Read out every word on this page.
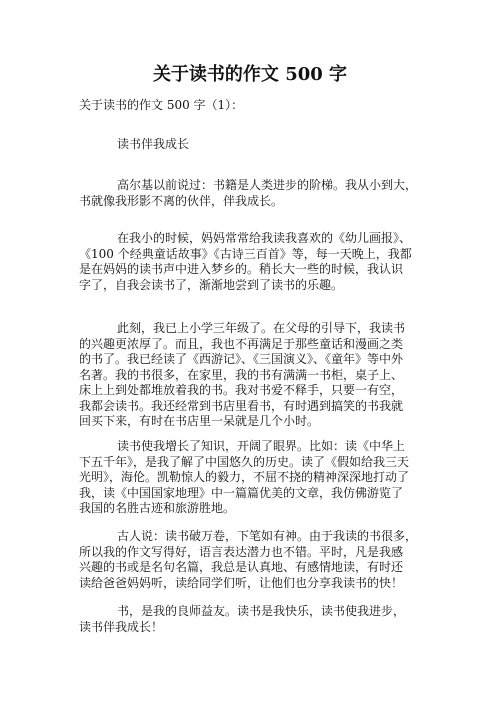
关于读书的作文 500 字
关于读书的作文 500 字（1）：
读书伴我成长
高尔基以前说过：书籍是人类进步的阶梯。我从小到大，
书就像我形影不离的伙伴，伴我成长。
在我小的时候，妈妈常常给我读我喜欢的《幼儿画报》、
《100 个经典童话故事》《古诗三百首》等，每一天晚上，我都
是在妈妈的读书声中进入梦乡的。稍长大一些的时候，我认识
字了，自我会读书了，渐渐地尝到了读书的乐趣。
此刻，我已上小学三年级了。在父母的引导下，我读书
的兴趣更浓厚了。而且，我也不再满足于那些童话和漫画之类
的书了。我已经读了《西游记》、《三国演义》、《童年》等中外
名著。我的书很多，在家里，我的书有满满一书柜，桌子上、
床上上到处都堆放着我的书。我对书爱不释手，只要一有空，
我都会读书。我还经常到书店里看书，有时遇到搞笑的书我就
回买下来，有时在书店里一呆就是几个小时。
读书使我增长了知识，开阔了眼界。比如：读《中华上
下五千年》，是我了解了中国悠久的历史。读了《假如给我三天
光明》，海伦。凯勒惊人的毅力，不屈不挠的精神深深地打动了
我，读《中国国家地理》中一篇篇优美的文章，我仿佛游览了
我国的名胜古迹和旅游胜地。
古人说：读书破万卷，下笔如有神。由于我读的书很多，
所以我的作文写得好，语言表达潜力也不错。平时，凡是我感
兴趣的书或是名句名篇，我总是认真地、有感情地读，有时还
读给爸爸妈妈听，读给同学们听，让他们也分享我读书的快！
书，是我的良师益友。读书是我快乐，读书使我进步，
读书伴我成长！
